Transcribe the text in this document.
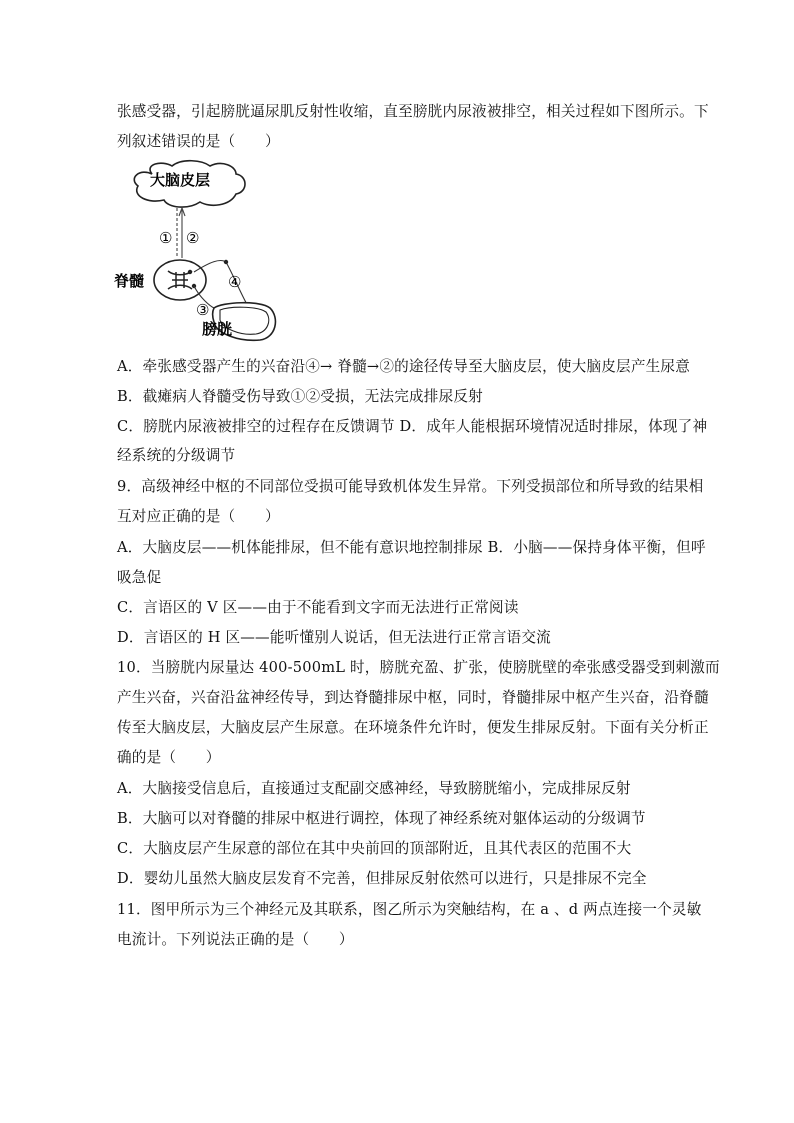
张感受器，引起膀胱逼尿肌反射性收缩，直至膀胱内尿液被排空，相关过程如下图所示。下
列叙述错误的是（　　）
大脑皮层
① ②
脊髓	④
③
膀胱
A．牵张感受器产生的兴奋沿④→ 脊髓→②的途径传导至大脑皮层，使大脑皮层产生尿意
B．截瘫病人脊髓受伤导致①②受损，无法完成排尿反射
C．膀胱内尿液被排空的过程存在反馈调节 D．成年人能根据环境情况适时排尿，体现了神
经系统的分级调节
9．高级神经中枢的不同部位受损可能导致机体发生异常。下列受损部位和所导致的结果相
互对应正确的是（　　）
A．大脑皮层——机体能排尿，但不能有意识地控制排尿 B．小脑——保持身体平衡，但呼
吸急促
C．言语区的 V 区——由于不能看到文字而无法进行正常阅读
D．言语区的 H 区——能听懂别人说话，但无法进行正常言语交流
10．当膀胱内尿量达 400-500mL 时，膀胱充盈、扩张，使膀胱壁的牵张感受器受到刺激而
产生兴奋，兴奋沿盆神经传导，到达脊髓排尿中枢，同时，脊髓排尿中枢产生兴奋，沿脊髓
传至大脑皮层，大脑皮层产生尿意。在环境条件允许时，便发生排尿反射。下面有关分析正
确的是（　　）
A．大脑接受信息后，直接通过支配副交感神经，导致膀胱缩小，完成排尿反射
B．大脑可以对脊髓的排尿中枢进行调控，体现了神经系统对躯体运动的分级调节
C．大脑皮层产生尿意的部位在其中央前回的顶部附近，且其代表区的范围不大
D．婴幼儿虽然大脑皮层发育不完善，但排尿反射依然可以进行，只是排尿不完全
11．图甲所示为三个神经元及其联系，图乙所示为突触结构，在 a 、d 两点连接一个灵敏
电流计。下列说法正确的是（　　）
